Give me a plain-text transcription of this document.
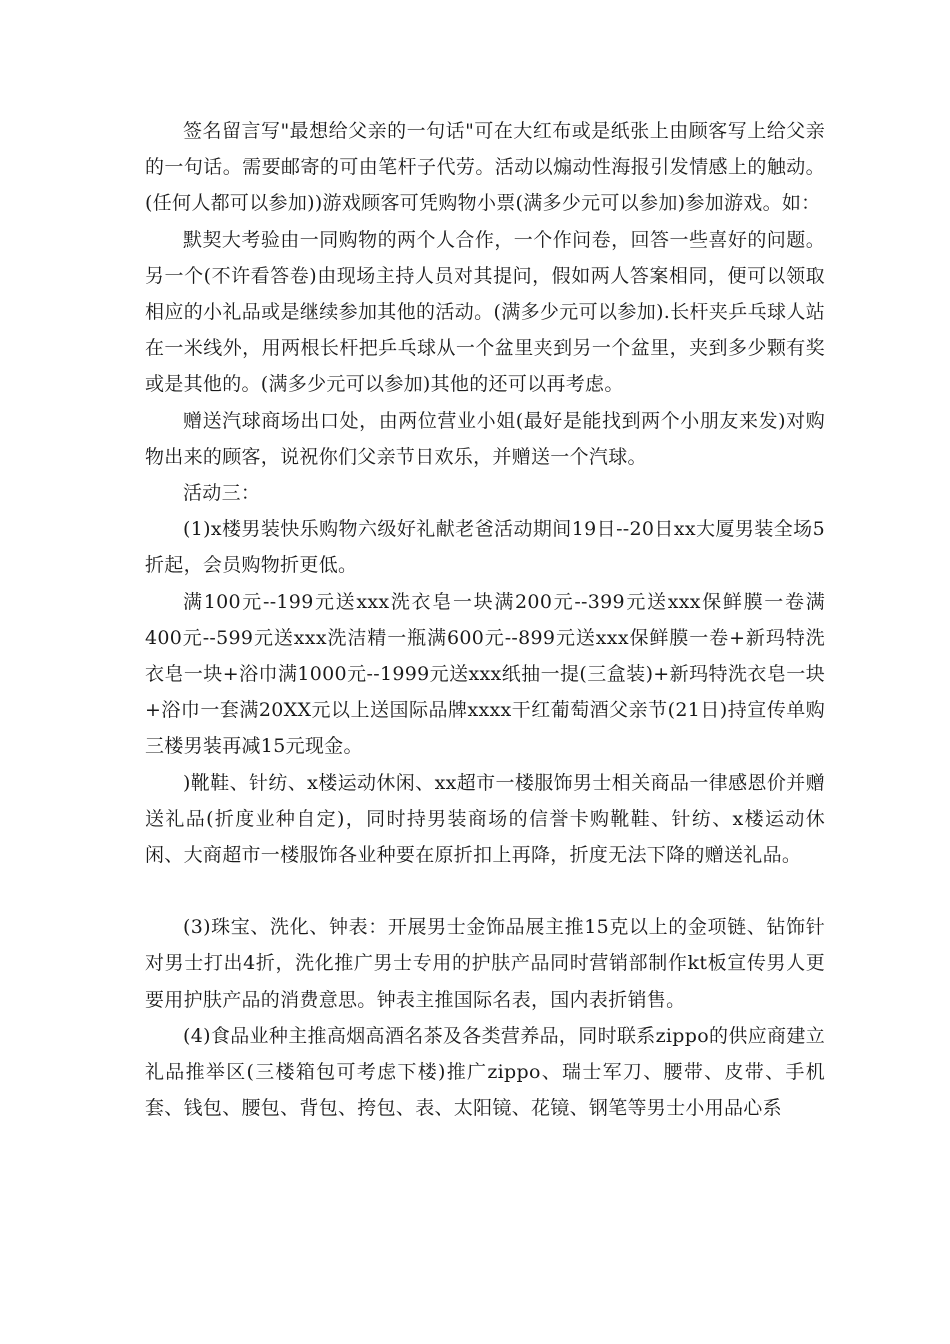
签名留言写"最想给父亲的一句话"可在大红布或是纸张上由顾客写上给父亲的一句话。需要邮寄的可由笔杆子代劳。活动以煽动性海报引发情感上的触动。(任何人都可以参加))游戏顾客可凭购物小票(满多少元可以参加)参加游戏。如：

默契大考验由一同购物的两个人合作，一个作问卷，回答一些喜好的问题。另一个(不许看答卷)由现场主持人员对其提问，假如两人答案相同，便可以领取相应的小礼品或是继续参加其他的活动。(满多少元可以参加).长杆夹乒乓球人站在一米线外，用两根长杆把乒乓球从一个盆里夹到另一个盆里，夹到多少颗有奖或是其他的。(满多少元可以参加)其他的还可以再考虑。

赠送汽球商场出口处，由两位营业小姐(最好是能找到两个小朋友来发)对购物出来的顾客，说祝你们父亲节日欢乐，并赠送一个汽球。

活动三：

(1)x楼男装快乐购物六级好礼献老爸活动期间19日--20日xx大厦男装全场5折起，会员购物折更低。

满100元--199元送xxx洗衣皂一块满200元--399元送xxx保鲜膜一卷满400元--599元送xxx洗洁精一瓶满600元--899元送xxx保鲜膜一卷+新玛特洗衣皂一块+浴巾满1000元--1999元送xxx纸抽一提(三盒装)+新玛特洗衣皂一块+浴巾一套满20XX元以上送国际品牌xxxx干红葡萄酒父亲节(21日)持宣传单购三楼男装再减15元现金。

)靴鞋、针纺、x楼运动休闲、xx超市一楼服饰男士相关商品一律感恩价并赠送礼品(折度业种自定)，同时持男装商场的信誉卡购靴鞋、针纺、x楼运动休闲、大商超市一楼服饰各业种要在原折扣上再降，折度无法下降的赠送礼品。

(3)珠宝、洗化、钟表：开展男士金饰品展主推15克以上的金项链、钻饰针对男士打出4折，洗化推广男士专用的护肤产品同时营销部制作kt板宣传男人更要用护肤产品的消费意思。钟表主推国际名表，国内表折销售。

(4)食品业种主推高烟高酒名茶及各类营养品，同时联系zippo的供应商建立礼品推举区(三楼箱包可考虑下楼)推广zippo、瑞士军刀、腰带、皮带、手机套、钱包、腰包、背包、挎包、表、太阳镜、花镜、钢笔等男士小用品心系
